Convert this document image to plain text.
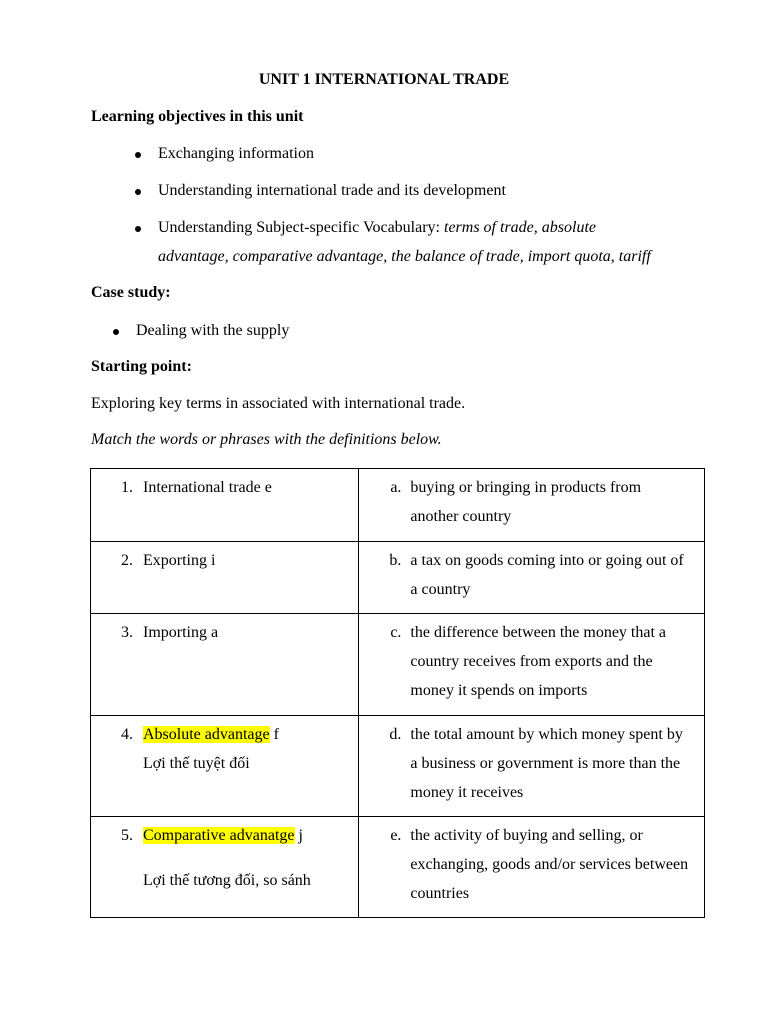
UNIT 1 INTERNATIONAL TRADE
Learning objectives in this unit
Exchanging information
Understanding international trade and its development
Understanding Subject-specific Vocabulary: terms of trade, absolute
advantage, comparative advantage, the balance of trade, import quota, tariff
Case study:
Dealing with the supply
Starting point:
Exploring key terms in associated with international trade.
Match the words or phrases with the definitions below.
1. International trade e	a. buying or bringing in products from
another country

2. Exporting i	b. a tax on goods coming into or going out of
a country

3. Importing a	c. the difference between the money that a
country receives from exports and the
money it spends on imports

4. Absolute advantage f
Lợi thế tuyệt đối	d. the total amount by which money spent by
a business or government is more than the
money it receives

5. Comparative advanatge j
Lợi thế tương đối, so sánh	e. the activity of buying and selling, or
exchanging, goods and/or services between
countries
